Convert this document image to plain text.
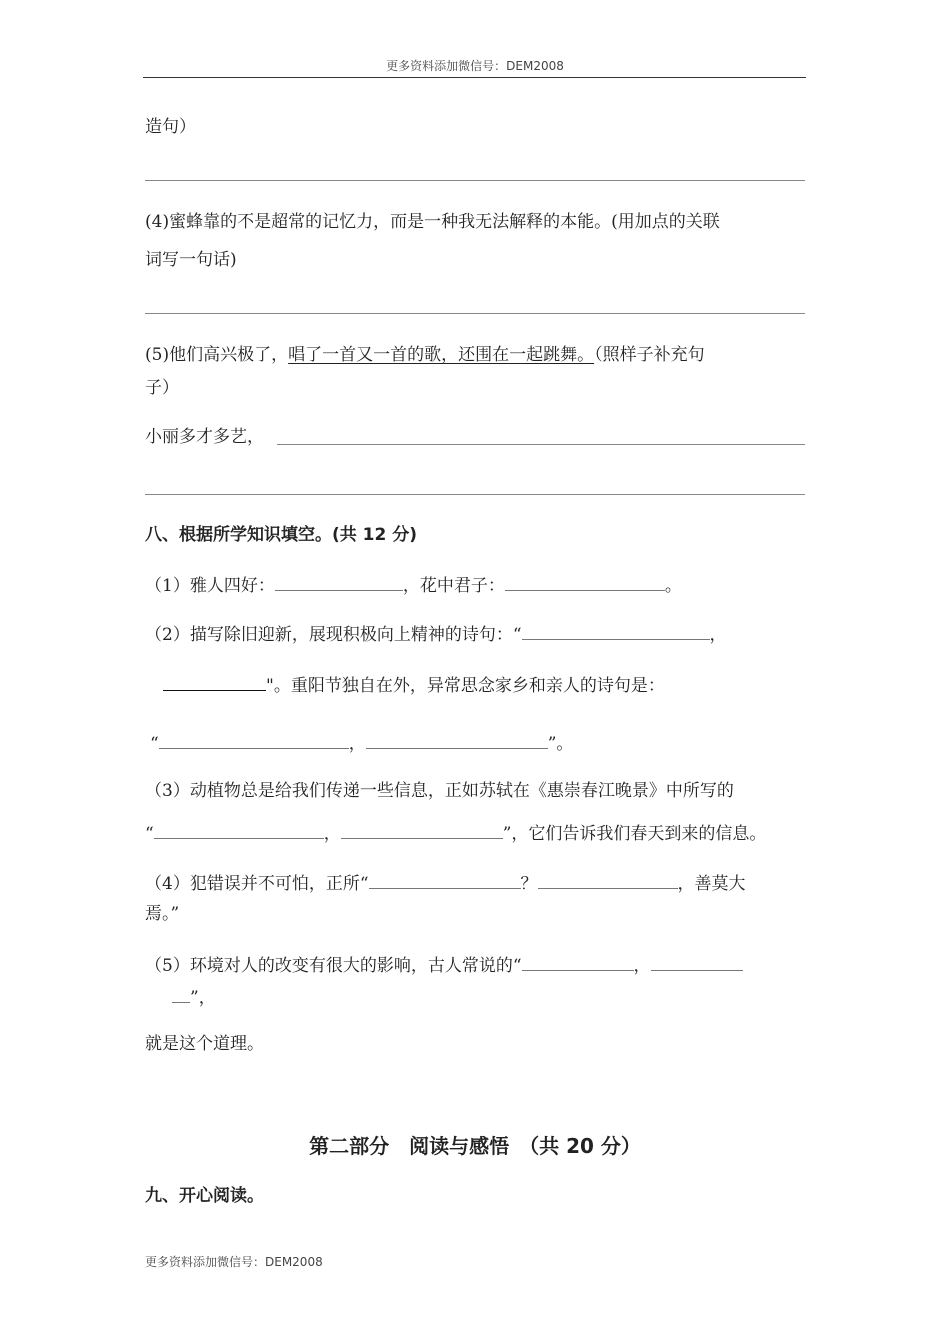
更多资料添加微信号：DEM2008
造句）
(4)蜜蜂靠的不是超常的记忆力，而是一种我无法解释的本能。(用加点的关联
词写一句话)
(5)他们高兴极了，唱了一首又一首的歌，还围在一起跳舞。（照样子补充句
子）
小丽多才多艺，
八、根据所学知识填空。(共 12 分)
（1）雅人四好：	，花中君子：	。
（2）描写除旧迎新，展现积极向上精神的诗句：“	，
"。重阳节独自在外，异常思念家乡和亲人的诗句是：
“	，	”。
（3）动植物总是给我们传递一些信息，正如苏轼在《惠崇春江晚景》中所写的
“	，	”，它们告诉我们春天到来的信息。
（4）犯错误并不可怕，正所“	？	，善莫大
焉。”
（5）环境对人的改变有很大的影响，古人常说的“	，
”，
就是这个道理。
第二部分　阅读与感悟　（共 20 分）
九、开心阅读。
更多资料添加微信号：DEM2008
